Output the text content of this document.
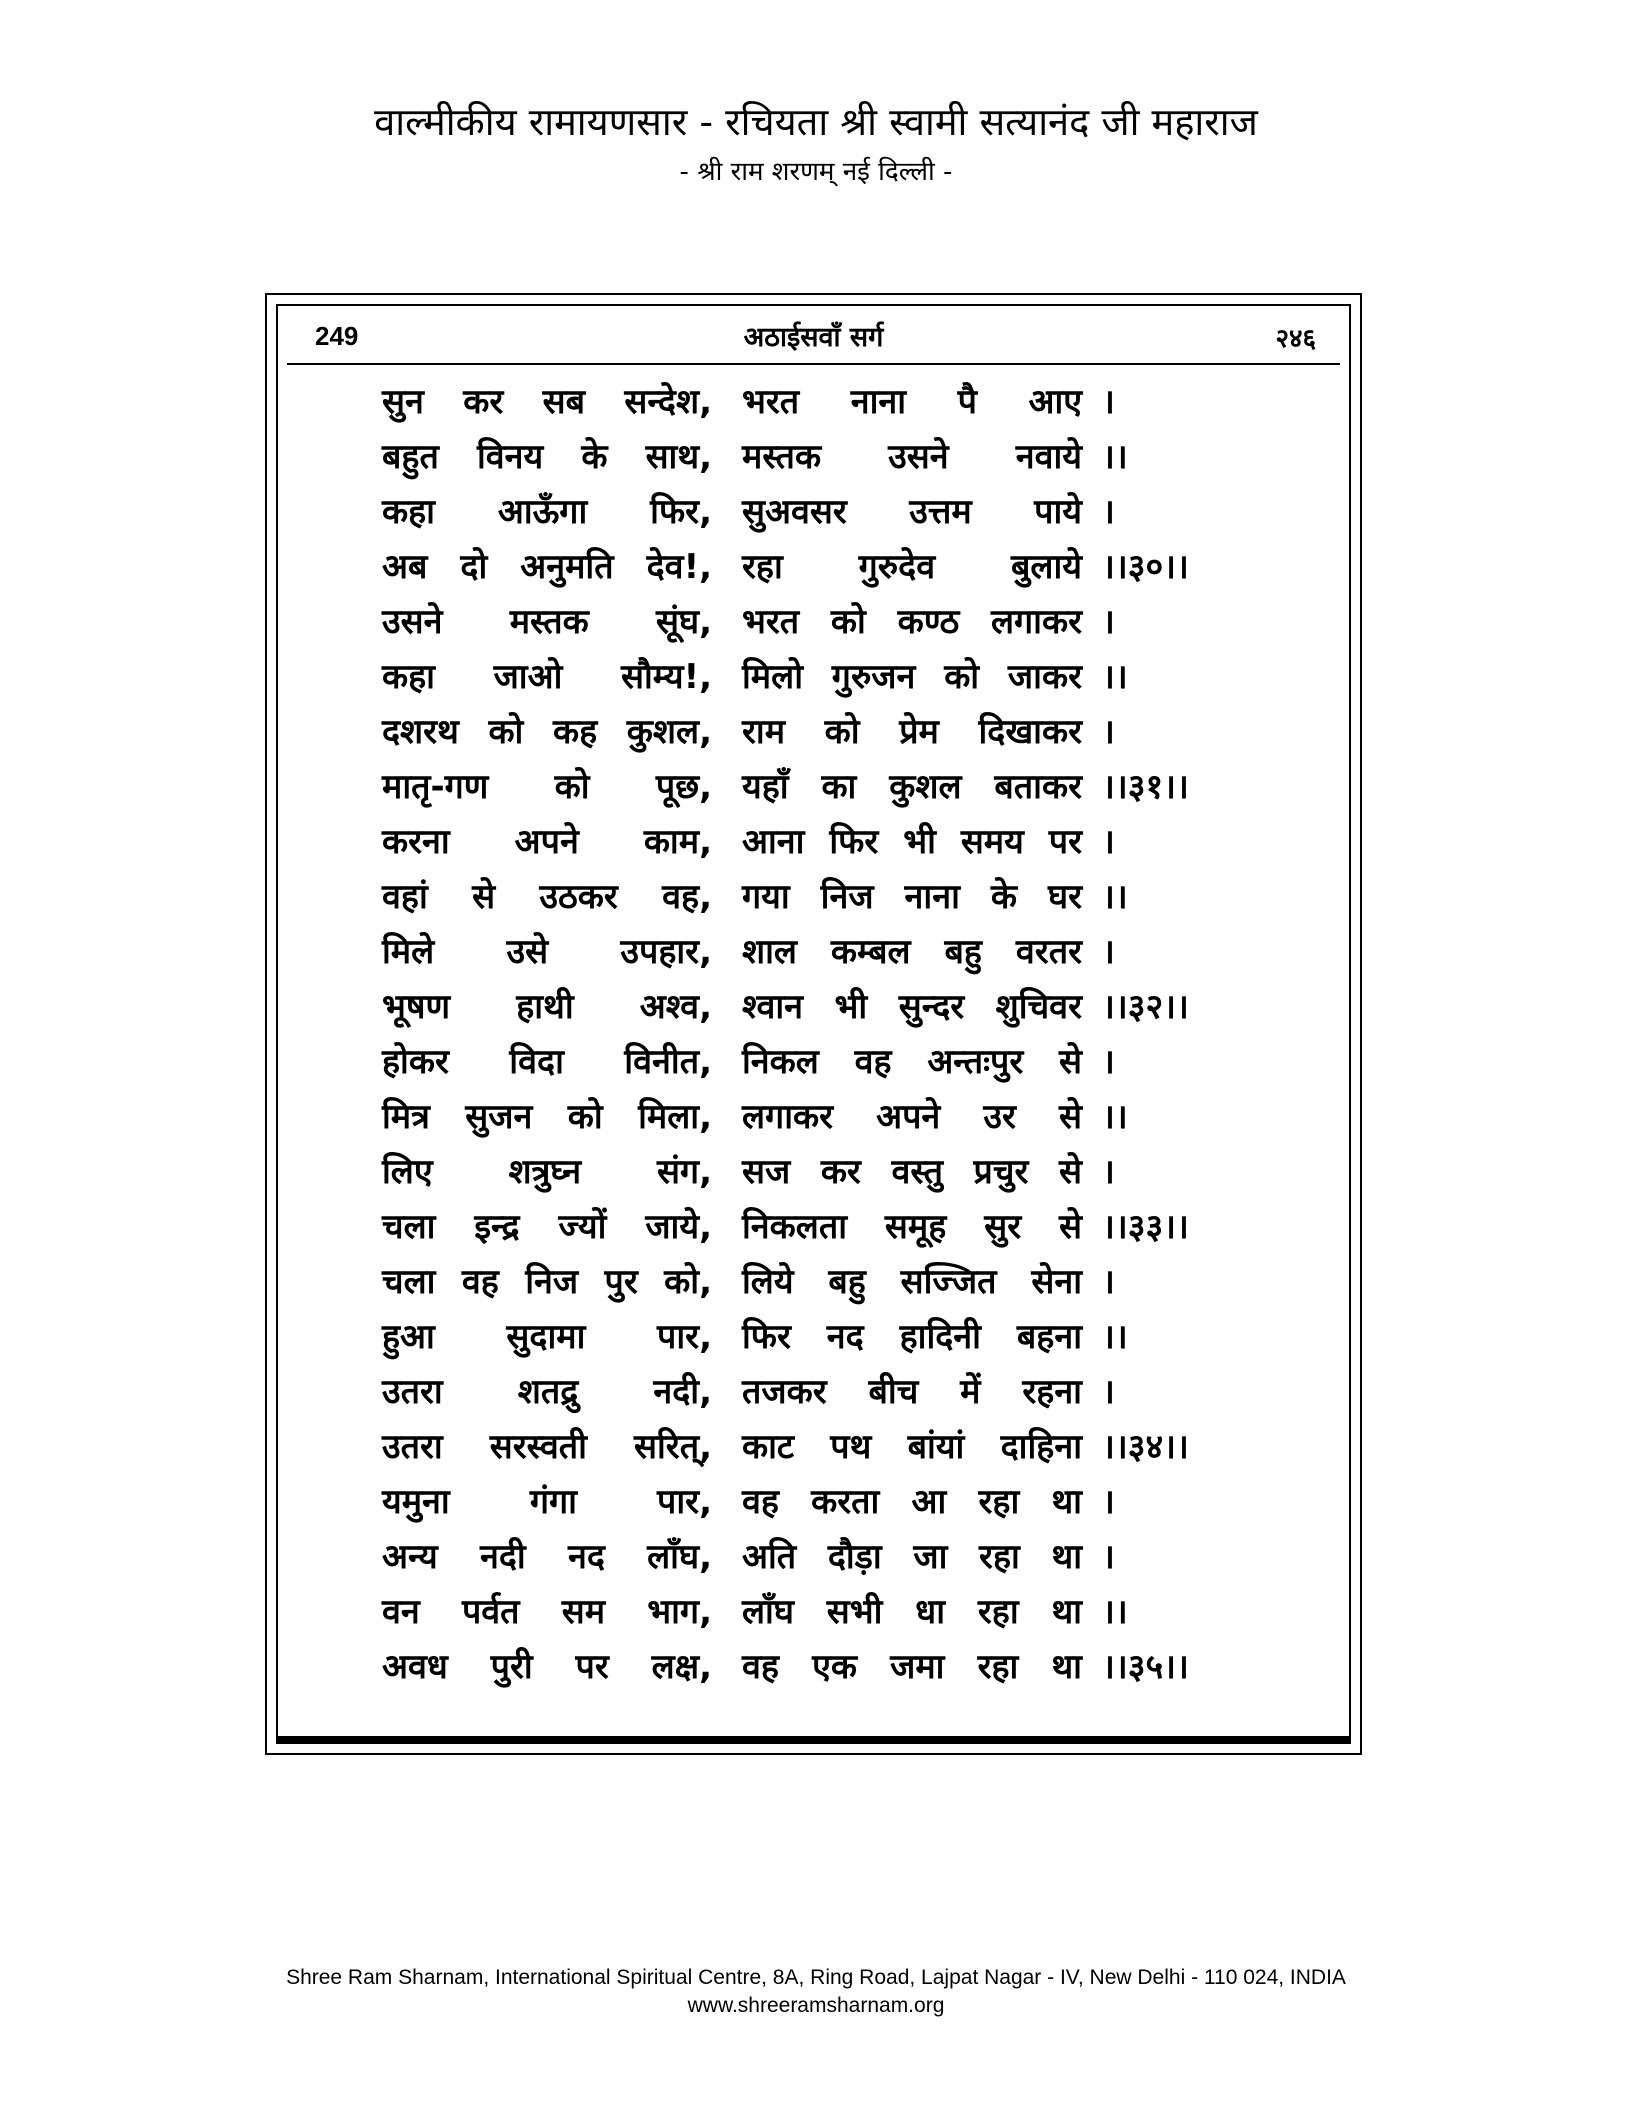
वाल्मीकीय रामायणसार - रचियता श्री स्वामी सत्यानंद जी महाराज

- श्री राम शरणम् नई दिल्ली -

249	अठाईसवाँ सर्ग	२४६
सुन कर सब सन्देश, भरत नाना पै आए ।
बहुत विनय के साथ, मस्तक उसने नवाये ।।
कहा आऊँगा फिर, सुअवसर उत्तम पाये ।
अब दो अनुमति देव!, रहा गुरुदेव बुलाये ।।३०।।
उसने मस्तक सूंघ, भरत को कण्ठ लगाकर ।
कहा जाओ सौम्य!, मिलो गुरुजन को जाकर ।।
दशरथ को कह कुशल, राम को प्रेम दिखाकर ।
मातृ-गण को पूछ, यहाँ का कुशल बताकर ।।३१।।
करना अपने काम, आना फिर भी समय पर ।
वहां से उठकर वह, गया निज नाना के घर ।।
मिले उसे उपहार, शाल कम्बल बहु वरतर ।
भूषण हाथी अश्व, श्वान भी सुन्दर शुचिवर ।।३२।।
होकर विदा विनीत, निकल वह अन्तःपुर से ।
मित्र सुजन को मिला, लगाकर अपने उर से ।।
लिए शत्रुघ्न संग, सज कर वस्तु प्रचुर से ।
चला इन्द्र ज्यों जाये, निकलता समूह सुर से ।।३३।।
चला वह निज पुर को, लिये बहु सज्जित सेना ।
हुआ सुदामा पार, फिर नद हादिनी बहना ।।
उतरा शतद्रु नदी, तजकर बीच में रहना ।
उतरा सरस्वती सरित्, काट पथ बांयां दाहिना ।।३४।।
यमुना गंगा पार, वह करता आ रहा था ।
अन्य नदी नद लाँघ, अति दौड़ा जा रहा था ।
वन पर्वत सम भाग, लाँघ सभी धा रहा था ।।
अवध पुरी पर लक्ष, वह एक जमा रहा था ।।३५।।
Shree Ram Sharnam, International Spiritual Centre, 8A, Ring Road, Lajpat Nagar - IV, New Delhi - 110 024, INDIA
www.shreeramsharnam.org
